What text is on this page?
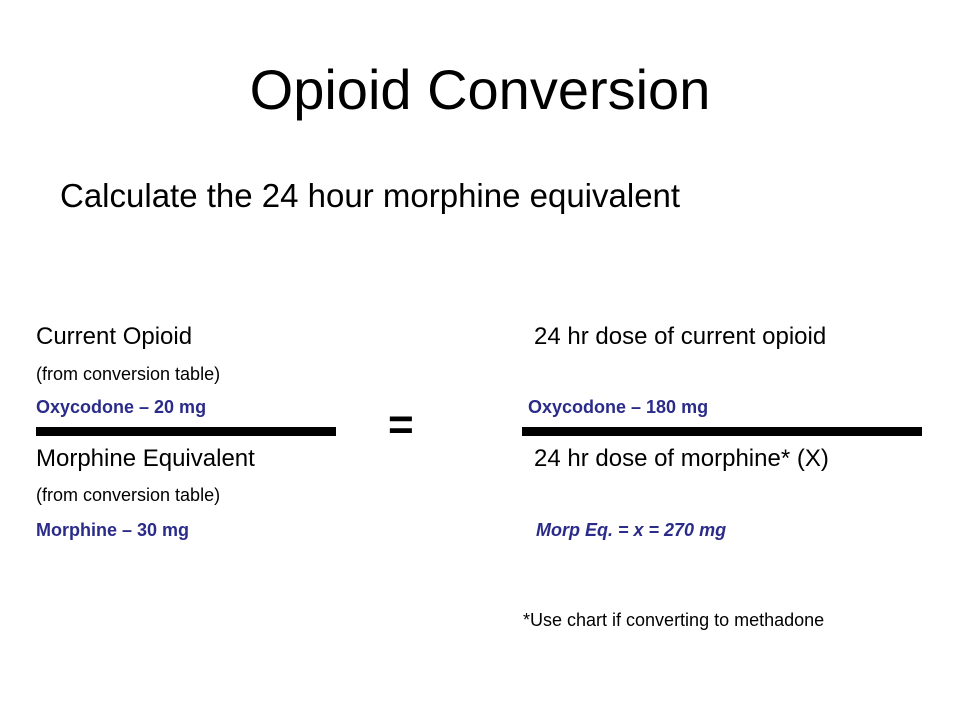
Opioid Conversion
Calculate the 24 hour morphine equivalent
Current Opioid
(from conversion table)
Oxycodone – 20 mg
Morphine Equivalent
(from conversion table)
Morphine – 30 mg
=
24 hr dose of current opioid
Oxycodone – 180 mg
24 hr dose of morphine* (X)
Morp Eq. = x = 270 mg
*Use chart if converting to methadone
